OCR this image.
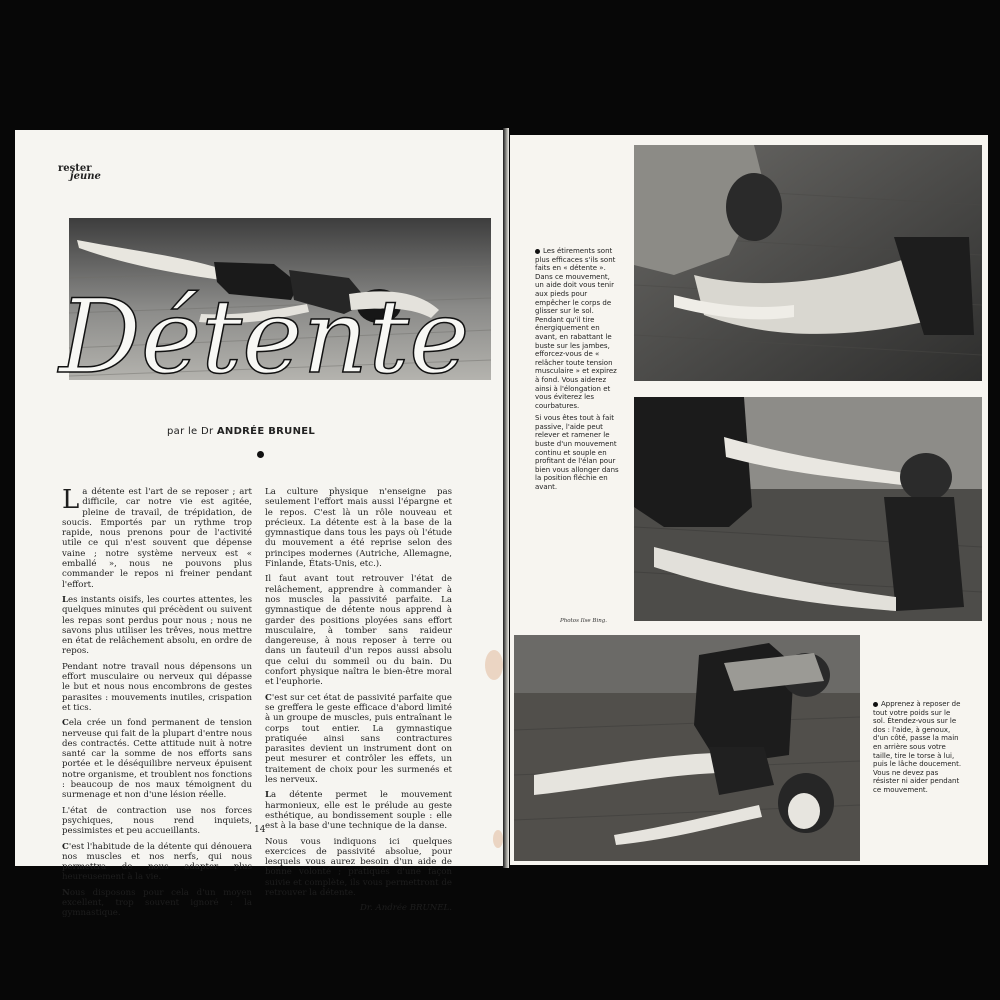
rester
jeune
Détente
par le Dr ANDRÉE BRUNEL

La détente est l'art de se reposer ; art difficile, car notre vie est agitée, pleine de travail, de trépidation, de soucis. Emportés par un rythme trop rapide, nous prenons pour de l'activité utile ce qui n'est souvent que dépense vaine ; notre système nerveux est « emballé », nous ne pouvons plus commander le repos ni freiner pendant l'effort.

Les instants oisifs, les courtes attentes, les quelques minutes qui précèdent ou suivent les repas sont perdus pour nous ; nous ne savons plus utiliser les trêves, nous mettre en état de relâchement absolu, en ordre de repos.

Pendant notre travail nous dépensons un effort musculaire ou nerveux qui dépasse le but et nous nous encombrons de gestes parasites : mouvements inutiles, crispation et tics.

Cela crée un fond permanent de tension nerveuse qui fait de la plupart d'entre nous des contractés. Cette attitude nuit à notre santé car la somme de nos efforts sans portée et le déséquilibre nerveux épuisent notre organisme, et troublent nos fonctions : beaucoup de nos maux témoignent du surmenage et non d'une lésion réelle.

L'état de contraction use nos forces psychiques, nous rend inquiets, pessimistes et peu accueillants.

C'est l'habitude de la détente qui dénouera nos muscles et nos nerfs, qui nous permettra de nous adapter plus heureusement à la vie.

Nous disposons pour cela d'un moyen excellent, trop souvent ignoré : la gymnastique.

La culture physique n'enseigne pas seulement l'effort mais aussi l'épargne et le repos. C'est là un rôle nouveau et précieux. La détente est à la base de la gymnastique dans tous les pays où l'étude du mouvement a été reprise selon des principes modernes (Autriche, Allemagne, Finlande, États-Unis, etc.).

Il faut avant tout retrouver l'état de relâchement, apprendre à commander à nos muscles la passivité parfaite. La gymnastique de détente nous apprend à garder des positions ployées sans effort musculaire, à tomber sans raideur dangereuse, à nous reposer à terre ou dans un fauteuil d'un repos aussi absolu que celui du sommeil ou du bain. Du confort physique naîtra le bien-être moral et l'euphorie.

C'est sur cet état de passivité parfaite que se greffera le geste efficace d'abord limité à un groupe de muscles, puis entraînant le corps tout entier. La gymnastique pratiquée ainsi sans contractures parasites devient un instrument dont on peut mesurer et contrôler les effets, un traitement de choix pour les surmenés et les nerveux.

La détente permet le mouvement harmonieux, elle est le prélude au geste esthétique, au bondissement souple : elle est à la base d'une technique de la danse.

Nous vous indiquons ici quelques exercices de passivité absolue, pour lesquels vous aurez besoin d'un aide de bonne volonté ; pratiqués d'une façon suivie et complète, ils vous permettront de retrouver la détente.

Dr. Andrée BRUNEL.

14

Les étirements sont plus efficaces s'ils sont faits en « détente ». Dans ce mouvement, un aide doit vous tenir aux pieds pour empêcher le corps de glisser sur le sol. Pendant qu'il tire énergiquement en avant, en rabattant le buste sur les jambes, efforcez-vous de « relâcher toute tension musculaire » et expirez à fond. Vous aiderez ainsi à l'élongation et vous éviterez les courbatures.

Si vous êtes tout à fait passive, l'aide peut relever et ramener le buste d'un mouvement continu et souple en profitant de l'élan pour bien vous allonger dans la position fléchie en avant.

Photos Ilse Bing.
Apprenez à reposer de tout votre poids sur le sol. Étendez-vous sur le dos : l'aide, à genoux, d'un côté, passe la main en arrière sous votre taille, tire le torse à lui, puis le lâche doucement. Vous ne devez pas résister ni aider pendant ce mouvement.
